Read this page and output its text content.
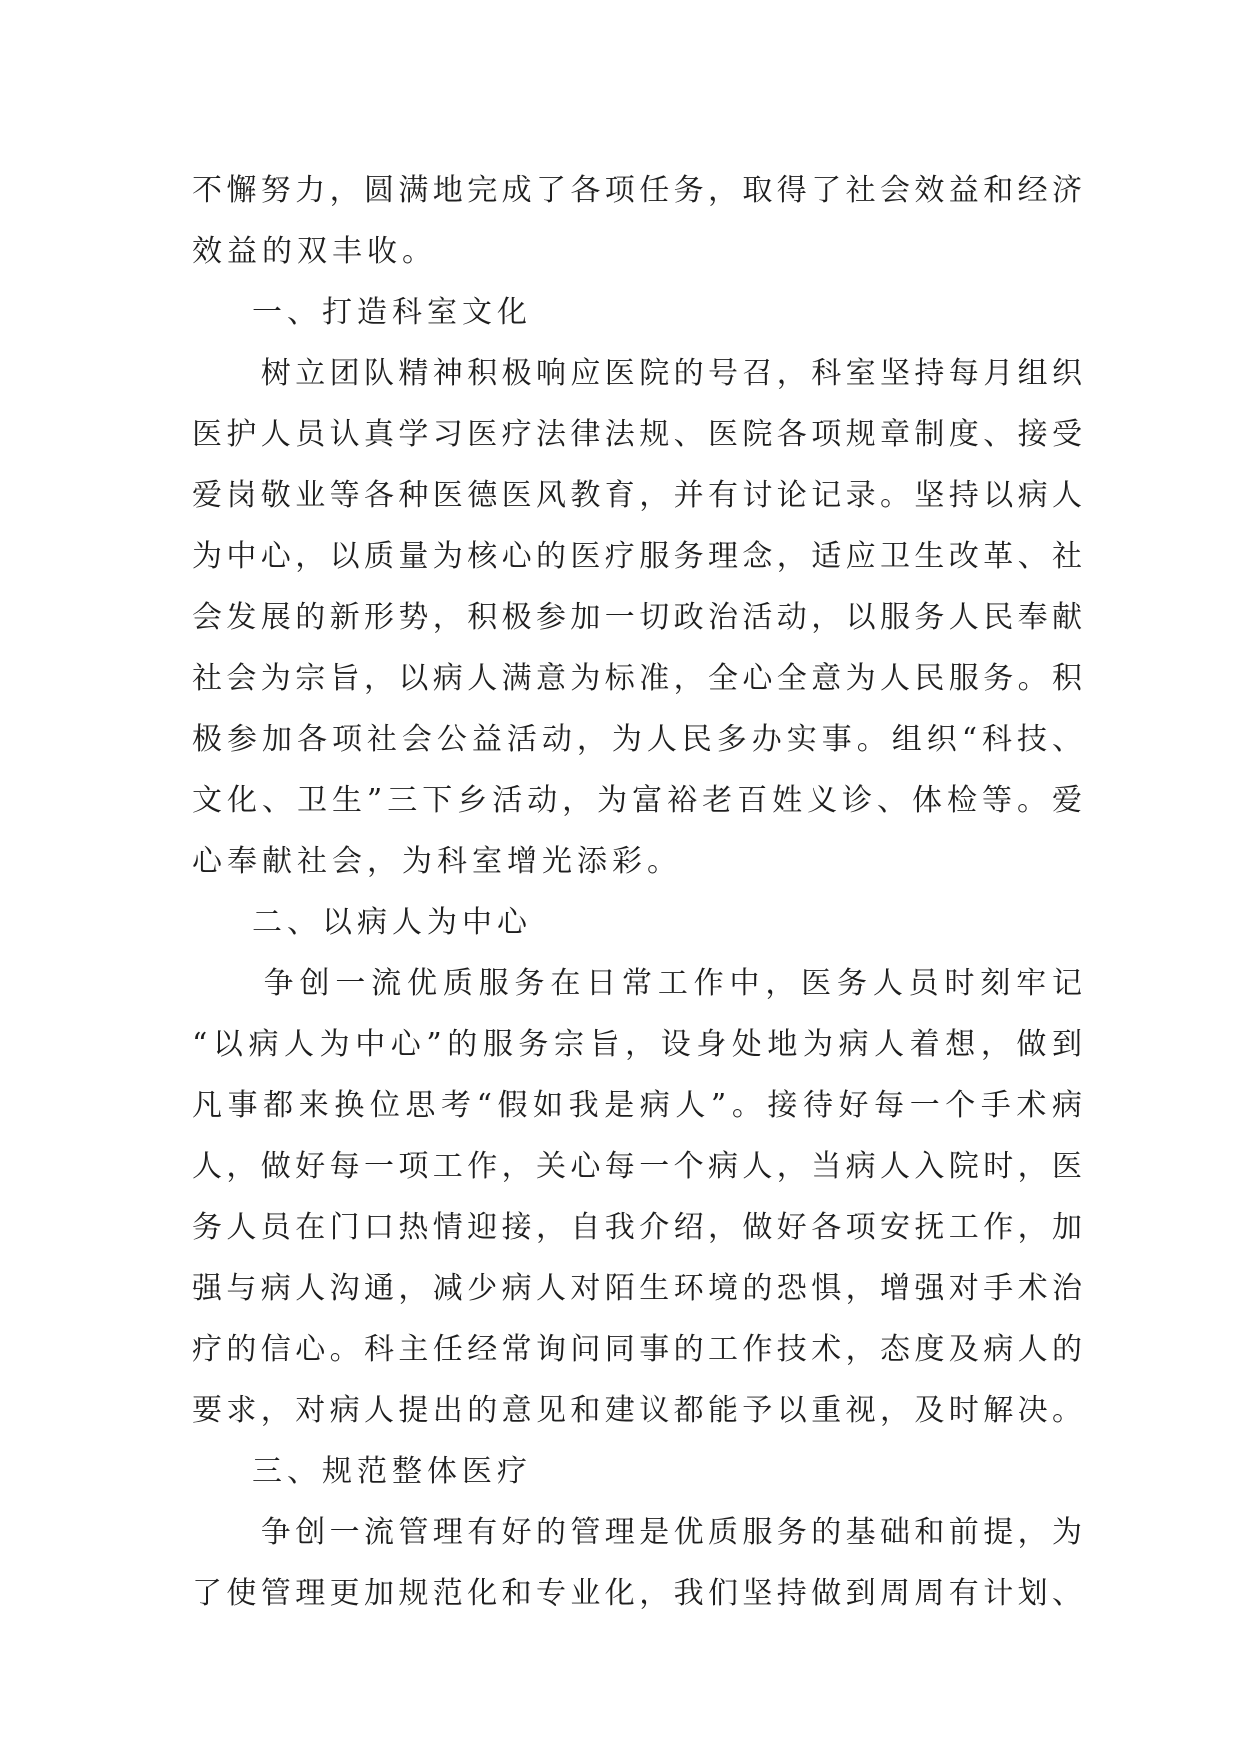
不懈努力，圆满地完成了各项任务，取得了社会效益和经济
效益的双丰收。
一、打造科室文化
　　树立团队精神积极响应医院的号召，科室坚持每月组织
医护人员认真学习医疗法律法规、医院各项规章制度、接受
爱岗敬业等各种医德医风教育，并有讨论记录。坚持以病人
为中心，以质量为核心的医疗服务理念，适应卫生改革、社
会发展的新形势，积极参加一切政治活动，以服务人民奉献
社会为宗旨，以病人满意为标准，全心全意为人民服务。积
极参加各项社会公益活动，为人民多办实事。组织“科技、
文化、卫生”三下乡活动，为富裕老百姓义诊、体检等。爱
心奉献社会，为科室增光添彩。
二、以病人为中心
　　争创一流优质服务在日常工作中，医务人员时刻牢记
“以病人为中心”的服务宗旨，设身处地为病人着想，做到
凡事都来换位思考“假如我是病人”。接待好每一个手术病
人，做好每一项工作，关心每一个病人，当病人入院时，医
务人员在门口热情迎接，自我介绍，做好各项安抚工作，加
强与病人沟通，减少病人对陌生环境的恐惧，增强对手术治
疗的信心。科主任经常询问同事的工作技术，态度及病人的
要求，对病人提出的意见和建议都能予以重视，及时解决。
三、规范整体医疗
　　争创一流管理有好的管理是优质服务的基础和前提，为
了使管理更加规范化和专业化，我们坚持做到周周有计划、
